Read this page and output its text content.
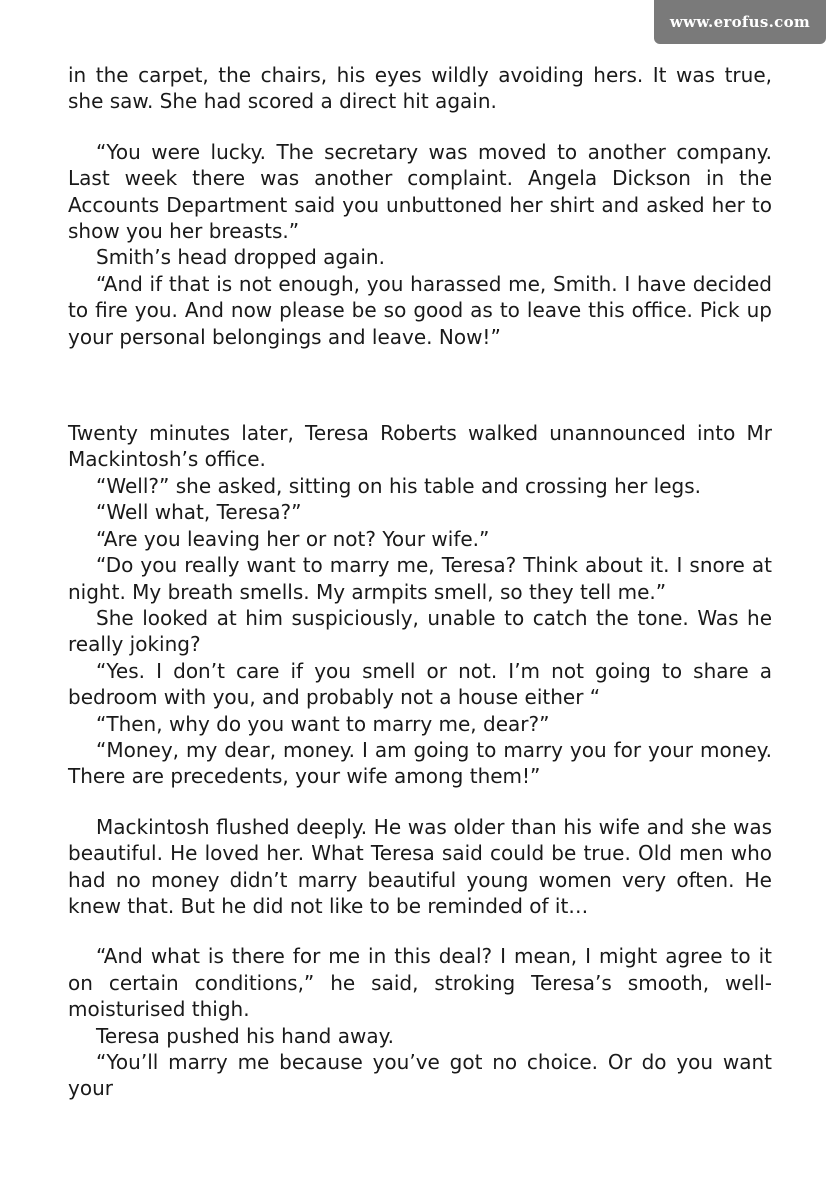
www.erofus.com

in the carpet, the chairs, his eyes wildly avoiding hers. It was true, she saw. She had scored a direct hit again.

“You were lucky. The secretary was moved to another company. Last week there was another complaint. Angela Dickson in the Accounts Department said you unbuttoned her shirt and asked her to show you her breasts.”

Smith’s head dropped again.

“And if that is not enough, you harassed me, Smith. I have decided to fire you. And now please be so good as to leave this office. Pick up your personal belongings and leave. Now!”

Twenty minutes later, Teresa Roberts walked unannounced into Mr Mackintosh’s office.

“Well?” she asked, sitting on his table and crossing her legs.

“Well what, Teresa?”

“Are you leaving her or not? Your wife.”

“Do you really want to marry me, Teresa? Think about it. I snore at night. My breath smells. My armpits smell, so they tell me.”

She looked at him suspiciously, unable to catch the tone. Was he really joking?

“Yes. I don’t care if you smell or not. I’m not going to share a bedroom with you, and probably not a house either “

“Then, why do you want to marry me, dear?”

“Money, my dear, money. I am going to marry you for your money. There are precedents, your wife among them!”

Mackintosh flushed deeply. He was older than his wife and she was beautiful. He loved her. What Teresa said could be true. Old men who had no money didn’t marry beautiful young women very often. He knew that. But he did not like to be reminded of it…

“And what is there for me in this deal? I mean, I might agree to it on certain conditions,” he said, stroking Teresa’s smooth, well-moisturised thigh.

Teresa pushed his hand away.

“You’ll marry me because you’ve got no choice. Or do you want your
